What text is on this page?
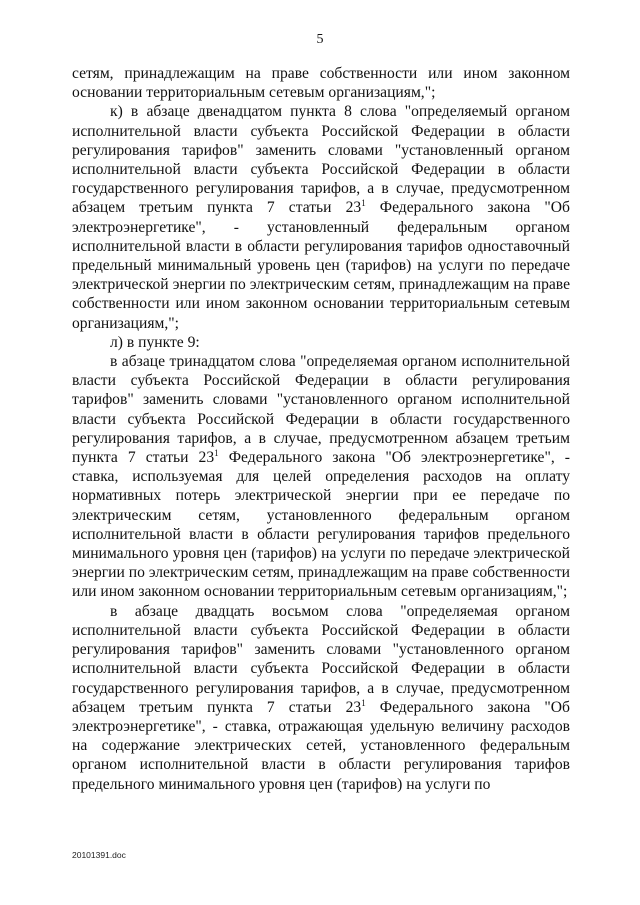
5

сетям, принадлежащим на праве собственности или ином законном основании территориальным сетевым организациям,";

к) в абзаце двенадцатом пункта 8 слова "определяемый органом исполнительной власти субъекта Российской Федерации в области регулирования тарифов" заменить словами "установленный органом исполнительной власти субъекта Российской Федерации в области государственного регулирования тарифов, а в случае, предусмотренном абзацем третьим пункта 7 статьи $23^1$ Федерального закона "Об электроэнергетике", - установленный федеральным органом исполнительной власти в области регулирования тарифов одноставочный предельный минимальный уровень цен (тарифов) на услуги по передаче электрической энергии по электрическим сетям, принадлежащим на праве собственности или ином законном основании территориальным сетевым организациям,";

л) в пункте 9:

в абзаце тринадцатом слова "определяемая органом исполнительной власти субъекта Российской Федерации в области регулирования тарифов" заменить словами "установленного органом исполнительной власти субъекта Российской Федерации в области государственного регулирования тарифов, а в случае, предусмотренном абзацем третьим пункта 7 статьи $23^1$ Федерального закона "Об электроэнергетике", - ставка, используемая для целей определения расходов на оплату нормативных потерь электрической энергии при ее передаче по электрическим сетям, установленного федеральным органом исполнительной власти в области регулирования тарифов предельного минимального уровня цен (тарифов) на услуги по передаче электрической энергии по электрическим сетям, принадлежащим на праве собственности или ином законном основании территориальным сетевым организациям,";

в абзаце двадцать восьмом слова "определяемая органом исполнительной власти субъекта Российской Федерации в области регулирования тарифов" заменить словами "установленного органом исполнительной власти субъекта Российской Федерации в области государственного регулирования тарифов, а в случае, предусмотренном абзацем третьим пункта 7 статьи $23^1$ Федерального закона "Об электроэнергетике", - ставка, отражающая удельную величину расходов на содержание электрических сетей, установленного федеральным органом исполнительной власти в области регулирования тарифов предельного минимального уровня цен (тарифов) на услуги по

20101391.doc
